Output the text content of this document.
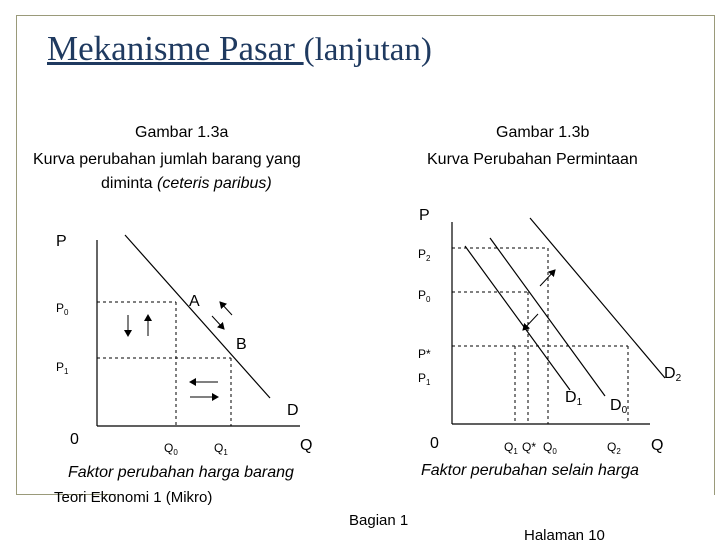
Mekanisme Pasar (lanjutan)
Gambar 1.3a
Kurva perubahan jumlah barang yang
diminta (ceteris paribus)
Gambar 1.3b
Kurva Perubahan Permintaan
Faktor perubahan harga barang	Faktor perubahan selain harga
Teori Ekonomi 1 (Mikro)
Bagian 1
Halaman 10
P
Q
0
$P_0$
$P_1$
$Q_0$	$Q_1$
A
B
D
P
Q
0
$P_2$
$P_0$
P*
$P_1$
$Q_1$ Q* $Q_0$	$Q_2$
D1 D0
D2
